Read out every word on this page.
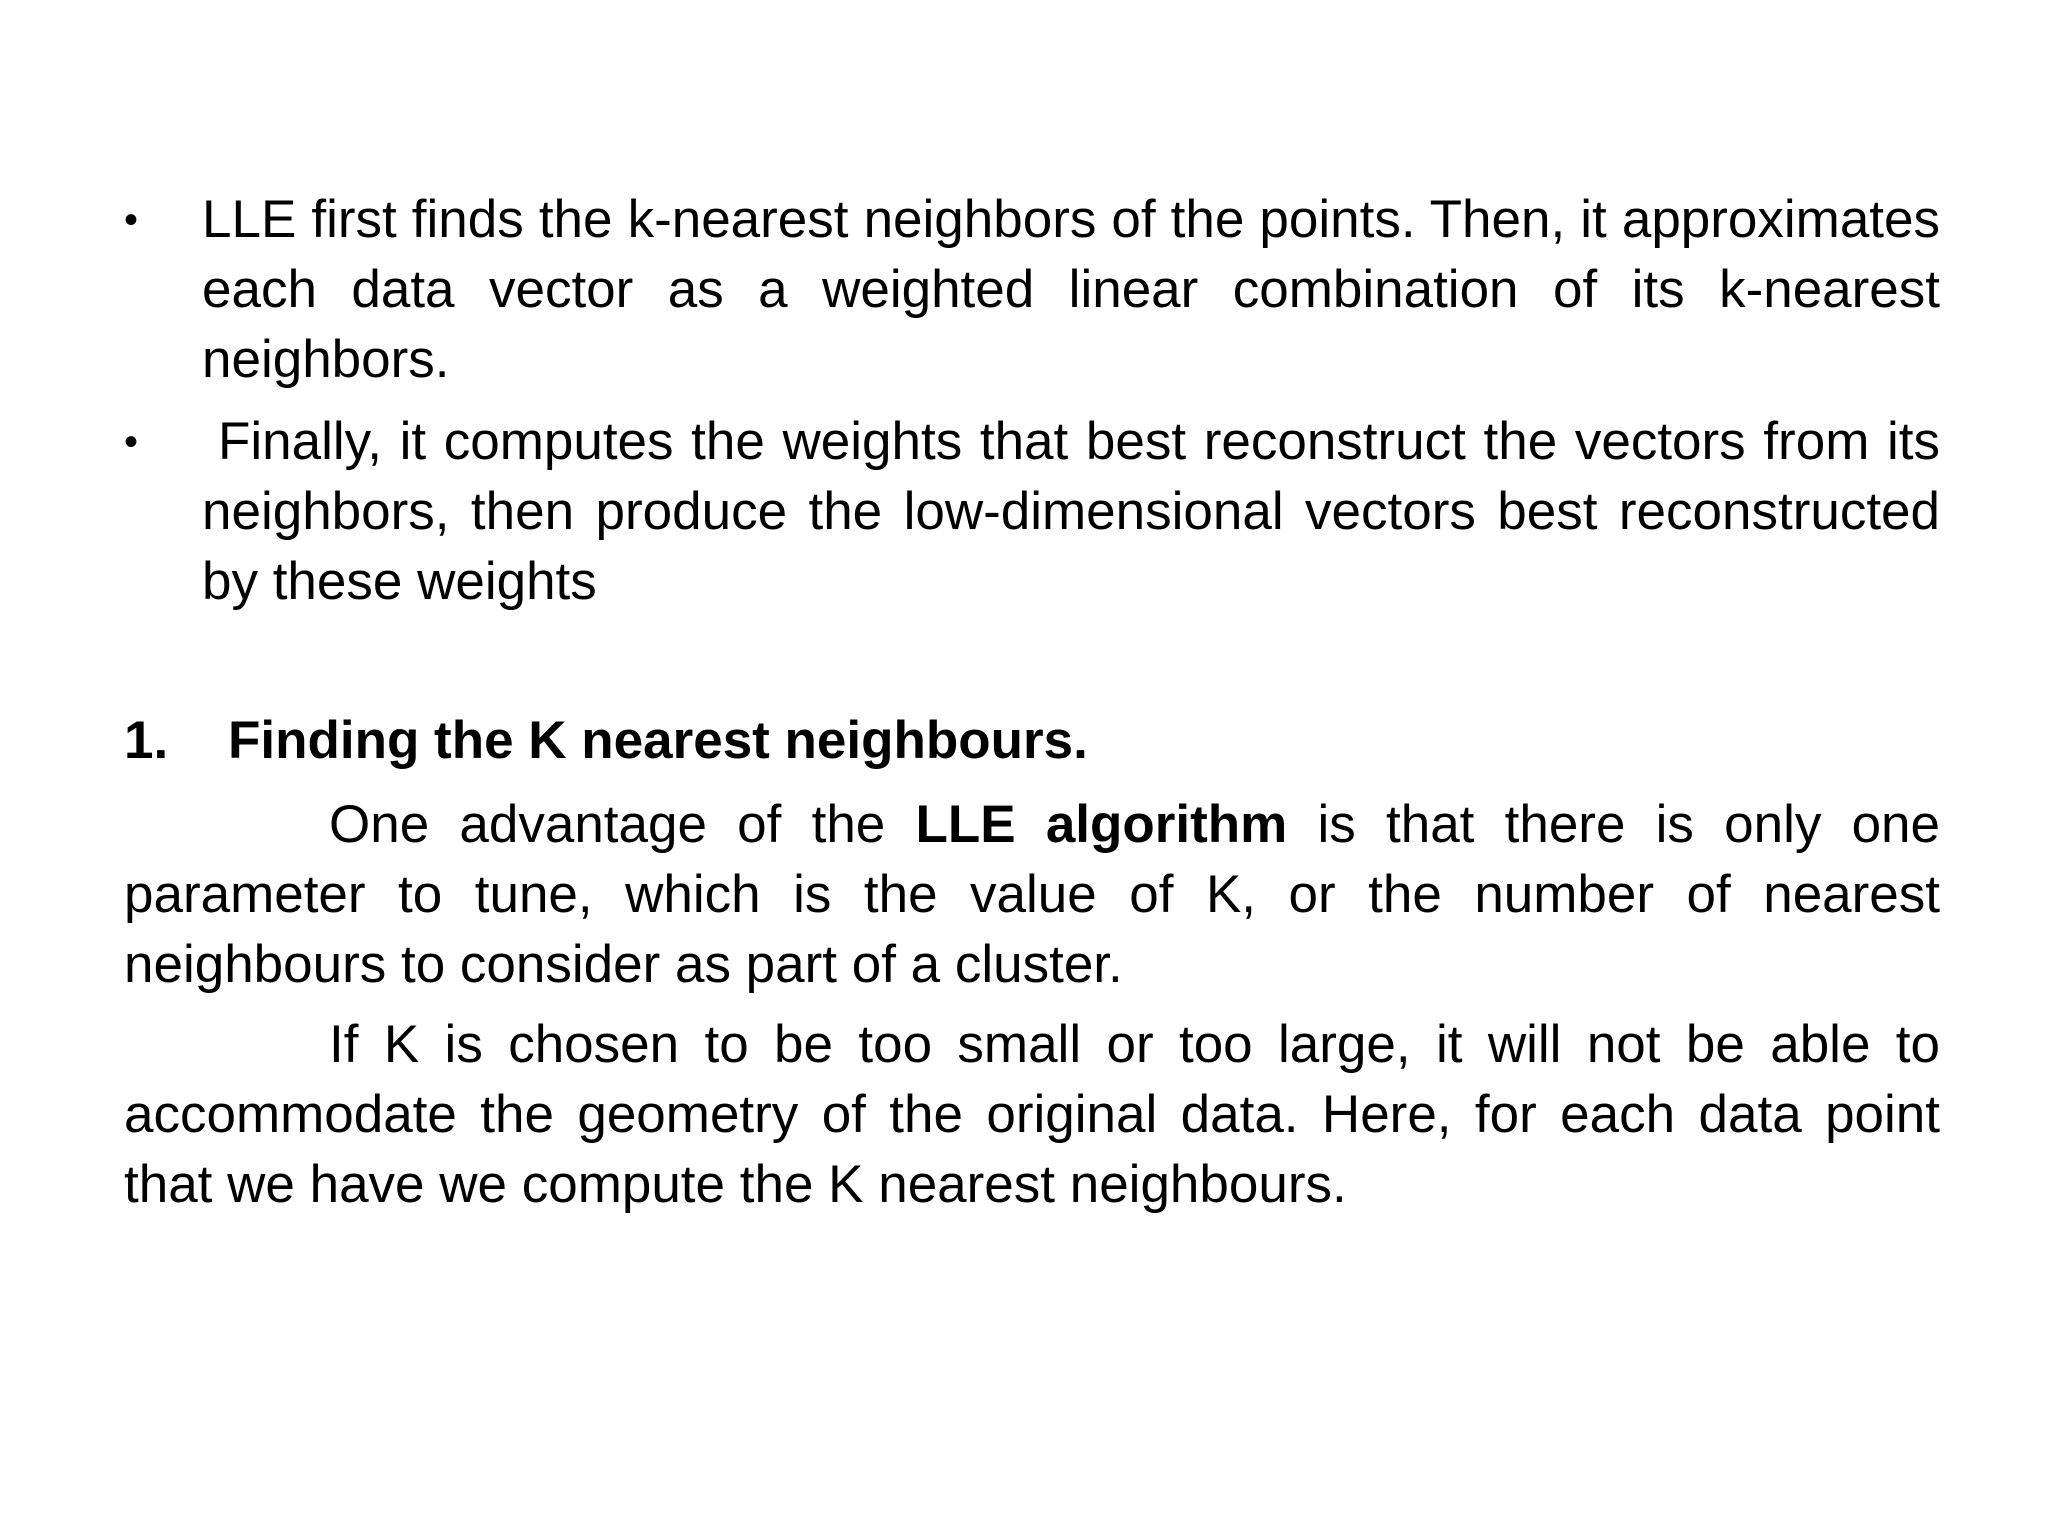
•	LLE first finds the k-nearest neighbors of the points. Then, it approximates each data vector as a weighted linear combination of its k-nearest neighbors.
•	Finally, it computes the weights that best reconstruct the vectors from its neighbors, then produce the low-dimensional vectors best reconstructed by these weights
1. Finding the K nearest neighbours.

One advantage of the LLE algorithm is that there is only one parameter to tune, which is the value of K, or the number of nearest neighbours to consider as part of a cluster.

If K is chosen to be too small or too large, it will not be able to accommodate the geometry of the original data. Here, for each data point that we have we compute the K nearest neighbours.
